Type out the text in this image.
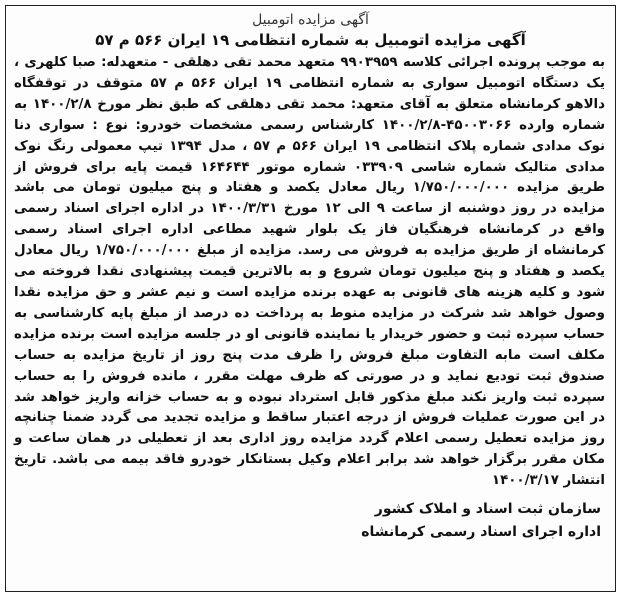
آگهی مزایده اتومبیل
آگهی مزایده اتومبیل به شماره انتظامی ۱۹ ایران ۵۶۶ م ۵۷
به موجب پرونده اجرائی کلاسه ۹۹۰۳۹۵۹ متعهد محمد تقی دهلقی - متعهدله: صبا کلهری ، یک دستگاه اتومبیل سواری به شماره انتظامی ۱۹ ایران ۵۶۶ م ۵۷ متوقف در توقفگاه دالاهو کرمانشاه متعلق به آقای متعهد: محمد تقی دهلقی که طبق نظر مورخ ۱۴۰۰/۲/۸ به شماره وارده ۴۵۰۰۳۰۶۶-۱۴۰۰/۲/۸ کارشناس رسمی مشخصات خودرو: نوع : سواری دنا نوک مدادی شماره پلاک انتظامی ۱۹ ایران ۵۶۶ م ۵۷ ، مدل ۱۳۹۴ تیپ معمولی رنگ نوک مدادی متالیک شماره شاسی ۰۳۳۹۰۹ شماره موتور ۱۶۴۶۴۴ قیمت پایه برای فروش از طریق مزایده ۱/۷۵۰/۰۰۰/۰۰۰ ریال معادل یکصد و هفتاد و پنج میلیون تومان می باشد مزایده در روز دوشنبه از ساعت ۹ الی ۱۲ مورخ ۱۴۰۰/۳/۳۱ در اداره اجرای اسناد رسمی واقع در کرمانشاه فرهنگیان فاز یک بلوار شهید مطاعی اداره اجرای اسناد رسمی کرمانشاه از طریق مزایده به فروش می رسد. مزایده از مبلغ ۱/۷۵۰/۰۰۰/۰۰۰ ریال معادل یکصد و هفتاد و پنج میلیون تومان شروع و به بالاترین قیمت پیشنهادی نقدا فروخته می شود و کلیه هزینه های قانونی به عهده برنده مزایده است و نیم عشر و حق مزایده نقدا وصول خواهد شد شرکت در مزایده منوط به پرداخت ده درصد از مبلغ پایه کارشناسی به حساب سپرده ثبت و حضور خریدار یا نماینده قانونی او در جلسه مزایده است برنده مزایده مکلف است مابه التفاوت مبلغ فروش را ظرف مدت پنج روز از تاریخ مزایده به حساب صندوق ثبت تودیع نماید و در صورتی که ظرف مهلت مقرر ، مانده فروش را به حساب سپرده ثبت واریز نکند مبلغ مذکور قابل استرداد نبوده و به حساب خزانه واریز خواهد شد در این صورت عملیات فروش از درجه اعتبار ساقط و مزایده تجدید می گردد ضمنا چنانچه روز مزایده تعطیل رسمی اعلام گردد مزایده روز اداری بعد از تعطیلی در همان ساعت و مکان مقرر برگزار خواهد شد برابر اعلام وکیل بستانکار خودرو فاقد بیمه می باشد. تاریخ انتشار ۱۴۰۰/۳/۱۷
سازمان ثبت اسناد و املاک کشور
اداره اجرای اسناد رسمی کرمانشاه
